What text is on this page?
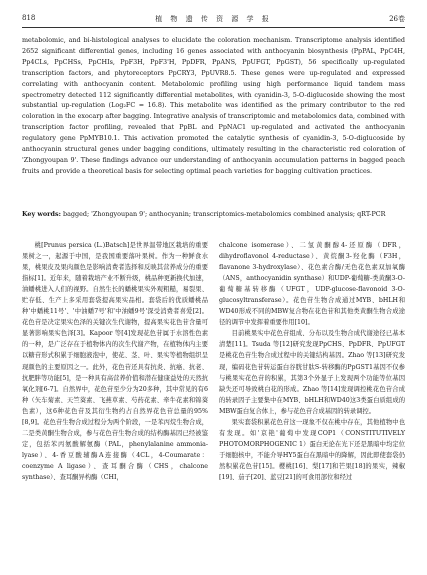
818	植 物 遗 传 资 源 学 报	26卷
metabolomic, and bi-histological analyses to elucidate the coloration mechanism. Transcriptome analysis identified 2652 significant differential genes, including 16 genes associated with anthocyanin biosynthesis (PpPAL, PpC4H, Pp4CLs, PpCHSs, PpCHIs, PpF3H, PpF3'H, PpDFR, PpANS, PpUFGT, PpGST), 56 specifically up-regulated transcription factors, and phytoreceptors PpCRY3, PpUVR8.5. These genes were up-regulated and expressed correlating with anthocyanin content. Metabolomic profiling using high performance liquid tandem mass spectrometry detected 112 significantly differential metabolites, with cyanidin-3, 5-O-diglucoside showing the most substantial up-regulation (Log₂FC = 16.8). This metabolite was identified as the primary contributor to the red coloration in the exocarp after bagging. Integrative analysis of transcriptomic and metabolomics data, combined with transcription factor profiling, revealed that PpBL and PpNAC1 up-regulated and activated the anthocyanin regulatory gene PpMYB10.1. This activation promoted the catalytic synthesis of cyanidin-3, 5-O-diglucoside by anthocyanin structural genes under bagging conditions, ultimately resulting in the characteristic red coloration of 'Zhongyoupan 9'. These findings advance our understanding of anthocyanin accumulation patterns in bagged peach fruits and provide a theoretical basis for selecting optimal peach varieties for bagging cultivation practices.
Key words: bagged; 'Zhongyoupan 9'; anthocyanin; transcriptomics-metabolomics combined analysis; qRT-PCR

桃[Prunus persica (L.)Batsch]是世界温带地区栽培的重要果树之一，起源于中国，是我国重要落叶果树。作为一种鲜食水果，桃果皮及果肉颜色是影响消费者选择和反映其营养成分的重要指标[1]。近年来，随着栽培产业不断升级，桃品种更新换代加速，油蟠桃进入人们的视野。自然生长的蟠桃果实外观粗糙，易裂果、贮存低、生产上多采用套袋提高果实品相。套袋后的优质蟠桃品种'中蟠桃11号'、'中油蟠7号'和'中油蟠9号'深受消费者喜爱[2]。花色苷是决定果实色泽的关键次生代谢物，提高果实花色苷含量可显著影响果实色泽[3]。Kapoor 等[4]发现花色苷属于水溶性色素的一种，是广泛存在于植物体内的次生代谢产物，在植物体内主要以糖苷形式积累于细胞液泡中，使花、茎、叶、果实等植物组织呈现颜色的主要原因之一。此外，花色苷还具有抗炎、抗癌、抗老、抗肥胖等功能[5]，是一种具有高营养价值和潜在健康益处的天然抗氧化剂[6-7]。自然界中，花色苷至少分为20多种，其中常见的有6种（矢车菊素、天竺葵素、飞燕草素、芍药花素、牵牛花素和锦葵色素），这6种花色苷及其衍生物约占自然界花色苷总量的95%[8,9]。花色苷生物合成过程分为两个阶段，一是苯丙烷生物合成，二是类黄酮生物合成，参与花色苷生物合成的结构酶基因已经被鉴定，包括苯丙氨酸解氨酶（PAL，phenylalanine ammonia-lyase）、4-香豆酸辅酶A连接酶（4CL，4-Coumarate：coenzyme A ligase）、查耳酮合酶（CHS，chalcone synthase）、查耳酮异构酶（CHI，

chalcone isomerase）、二氢黄酮醇4-还原酶（DFR，dihydroflavonol 4-reductase）、黄烷酮3-羟化酶（F3H，flavanone 3-hydroxylase）、花色素合酶/无色花色素双加氧酶（ANS，anthocyanidin synthase）和UDP-葡萄糖-类黄酮3-O-葡萄糖基转移酶（UFGT，UDP-glucose-flavonoid 3-O-glucosyltransferase）。花色苷生物合成通过MYB、bHLH和WD40形成不同的MBW复合物在花色苷和其他类黄酮生物合成途径的调节中发挥着重要作用[10]。

目前桃果实中花色苷组成、分布以及生物合成代谢途径已基本清楚[11]。Tsuda 等[12]研究发现PpCHS、PpDFR、PpUFGT是桃花色苷生物合成过程中的关键结构基因。Zhao 等[13]研究发现，编码花色苷转运蛋白谷胱甘肽S-转移酶的PpGST1基因不仅参与桃果实花色苷的积累，其第3个外显子上发现两个功能等位基因缺失还可导致桃白花的形成。Zhao 等[14]发现调控桃花色苷合成的转录因子主要集中在MYB、bHLH和WD40这3类蛋白质组成的MBW蛋白复合体上，参与花色苷合成基因的转录调控。

果实套袋积累花色苷这一现象不仅在桃中存在，其他植物中也有发现。如'京艳'葡萄中发现COP1（CONSTITUTIVELY PHOTOMORPHOGENIC 1）蛋白无论在光下还是黑暗中均定位于细胞核中，不能介导HY5蛋白在黑暗中的降解，因此即使套袋仍然积累花色苷[15]。樱桃[16]、梨[17]和芒果[18]的果实，辣椒[19]、茄子[20]、蓝豆[21]的可食用部位和经过
